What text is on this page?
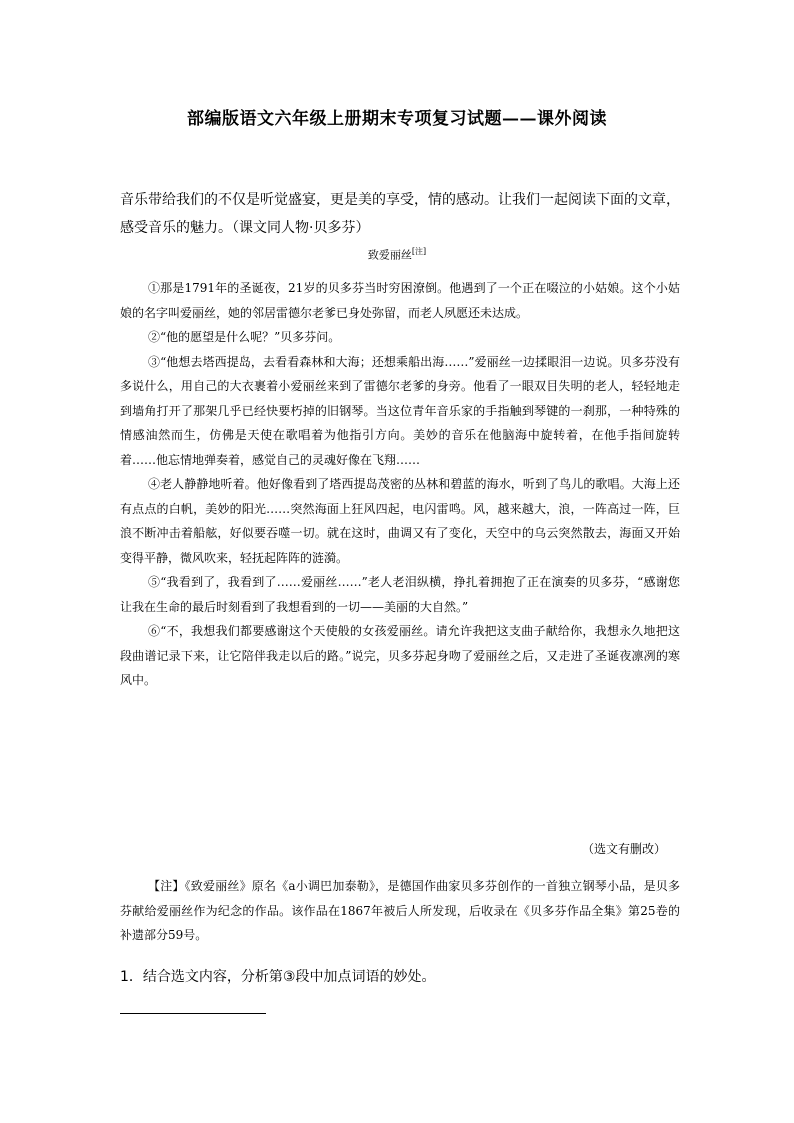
部编版语文六年级上册期末专项复习试题——课外阅读
音乐带给我们的不仅是听觉盛宴，更是美的享受，情的感动。让我们一起阅读下面的文章，感受音乐的魅力。（课文同人物·贝多芬）
致爱丽丝[注]

①那是1791年的圣诞夜，21岁的贝多芬当时穷困潦倒。他遇到了一个正在啜泣的小姑娘。这个小姑娘的名字叫爱丽丝，她的邻居雷德尔老爹已身处弥留，而老人夙愿还未达成。

②“他的愿望是什么呢？”贝多芬问。

③“他想去塔西提岛，去看看森林和大海；还想乘船出海……”爱丽丝一边揉眼泪一边说。贝多芬没有多说什么，用自己的大衣裹着小爱丽丝来到了雷德尔老爹的身旁。他看了一眼双目失明的老人，轻轻地走到墙角打开了那架几乎已经快要朽掉的旧钢琴。当这位青年音乐家的手指触到琴键的一刹那，一种特殊的情感油然而生，仿佛是天使在歌唱着为他指引方向。美妙的音乐在他脑海中旋转着，在他手指间旋转着……他忘情地弹奏着，感觉自己的灵魂好像在飞翔……

④老人静静地听着。他好像看到了塔西提岛茂密的丛林和碧蓝的海水，听到了鸟儿的歌唱。大海上还有点点的白帆，美妙的阳光……突然海面上狂风四起，电闪雷鸣。风，越来越大，浪，一阵高过一阵，巨浪不断冲击着船舷，好似要吞噬一切。就在这时，曲调又有了变化，天空中的乌云突然散去，海面又开始变得平静，微风吹来，轻抚起阵阵的涟漪。

⑤“我看到了，我看到了……爱丽丝……”老人老泪纵横，挣扎着拥抱了正在演奏的贝多芬，“感谢您让我在生命的最后时刻看到了我想看到的一切——美丽的大自然。”

⑥“不，我想我们都要感谢这个天使般的女孩爱丽丝。请允许我把这支曲子献给你，我想永久地把这段曲谱记录下来，让它陪伴我走以后的路。”说完，贝多芬起身吻了爱丽丝之后，又走进了圣诞夜凛冽的寒风中。

（选文有删改）

【注】《致爱丽丝》原名《a小调巴加泰勒》，是德国作曲家贝多芬创作的一首独立钢琴小品，是贝多芬献给爱丽丝作为纪念的作品。该作品在1867年被后人所发现，后收录在《贝多芬作品全集》第25卷的补遗部分59号。

1．结合选文内容，分析第③段中加点词语的妙处。
